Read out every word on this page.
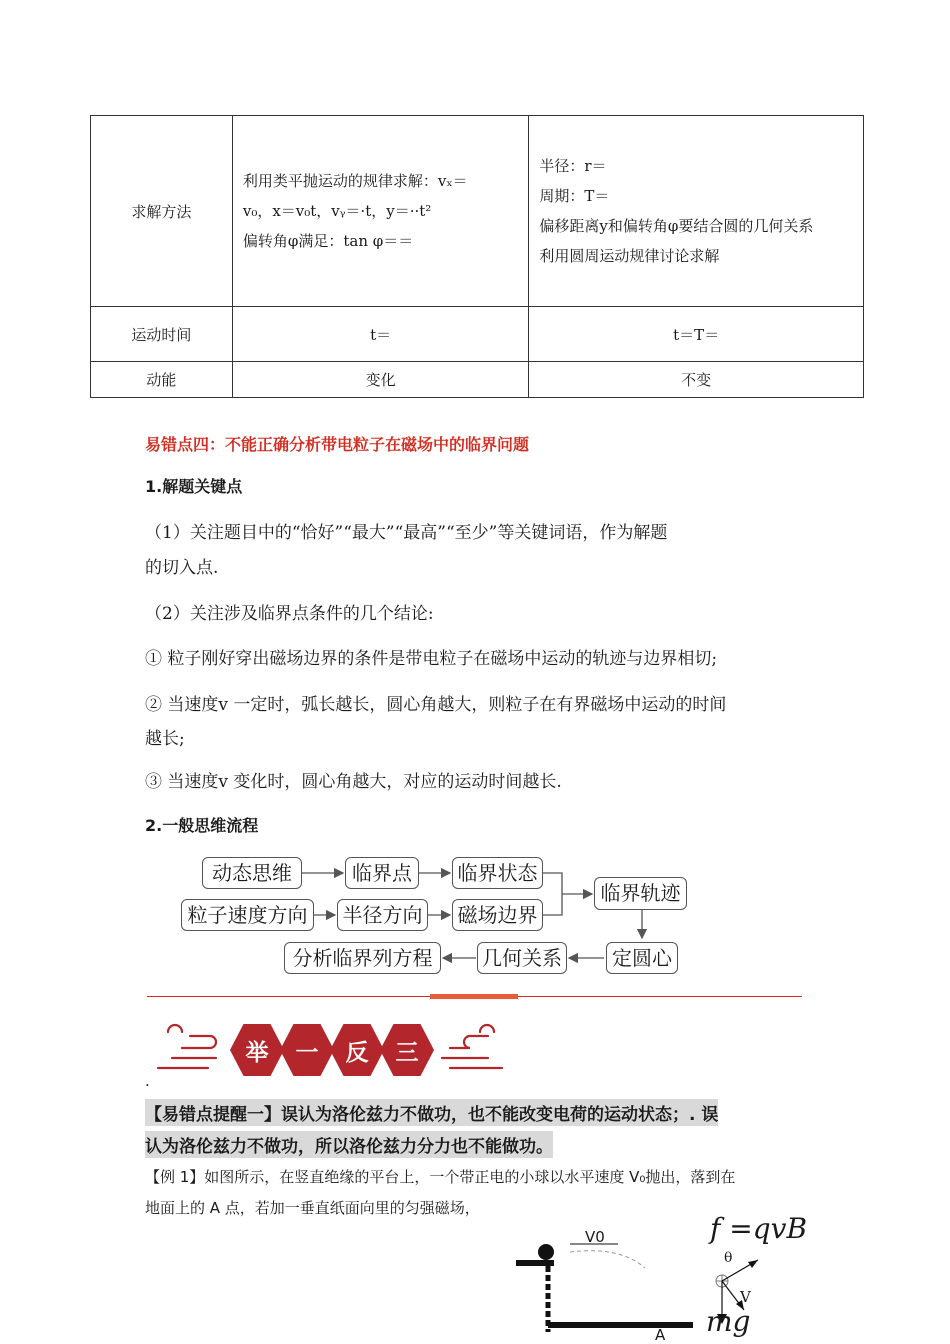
求解方法	利用类平抛运动的规律求解：vₓ＝
v₀，x＝v₀t，vᵧ＝·t，y＝··t²
偏转角φ满足：tan φ＝＝	半径：r＝
周期：T＝
偏移距离y和偏转角φ要结合圆的几何关系
利用圆周运动规律讨论求解

运动时间	t＝	t＝T＝
动能	变化	不变
易错点四：不能正确分析带电粒子在磁场中的临界问题
1.解题关键点
（1）关注题目中的“恰好”“最大”“最高”“至少”等关键词语，作为解题
的切入点.
（2）关注涉及临界点条件的几个结论:
① 粒子刚好穿出磁场边界的条件是带电粒子在磁场中运动的轨迹与边界相切;
② 当速度v 一定时，弧长越长，圆心角越大，则粒子在有界磁场中运动的时间
越长;
③ 当速度v 变化时，圆心角越大，对应的运动时间越长.
2.一般思维流程
动态思维	临界点	临界状态
粒子速度方向	半径方向 磁场边界
临界轨迹
定圆心
几何关系
分析临界列方程
举	一	反	三
.
【易错点提醒一】误认为洛伦兹力不做功，也不能改变电荷的运动状态；. 误
认为洛伦兹力不做功，所以洛伦兹力分力也不能做功。
【例 1】如图所示，在竖直绝缘的平台上，一个带正电的小球以水平速度 V₀抛出，落到在
地面上的 A 点，若加一垂直纸面向里的匀强磁场，
V0
A
f =qvB
θ
V
mg
